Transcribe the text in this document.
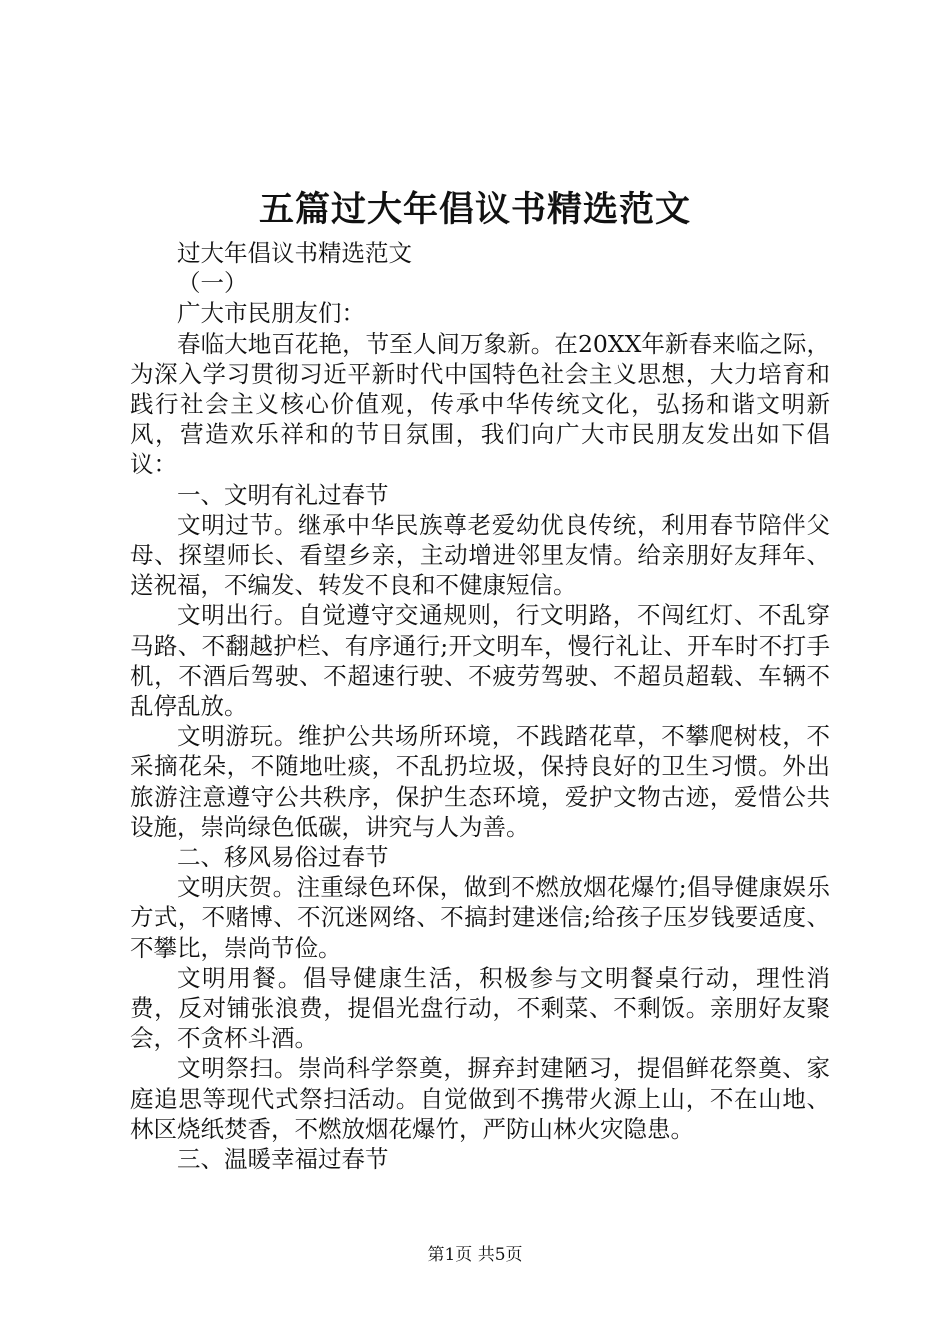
五篇过大年倡议书精选范文

过大年倡议书精选范文

（一）

广大市民朋友们：

春临大地百花艳，节至人间万象新。在20XX年新春来临之际，为深入学习贯彻习近平新时代中国特色社会主义思想，大力培育和践行社会主义核心价值观，传承中华传统文化，弘扬和谐文明新风，营造欢乐祥和的节日氛围，我们向广大市民朋友发出如下倡议：

一、文明有礼过春节

文明过节。继承中华民族尊老爱幼优良传统，利用春节陪伴父母、探望师长、看望乡亲，主动增进邻里友情。给亲朋好友拜年、送祝福，不编发、转发不良和不健康短信。

文明出行。自觉遵守交通规则，行文明路，不闯红灯、不乱穿马路、不翻越护栏、有序通行;开文明车，慢行礼让、开车时不打手机，不酒后驾驶、不超速行驶、不疲劳驾驶、不超员超载、车辆不乱停乱放。

文明游玩。维护公共场所环境，不践踏花草，不攀爬树枝，不采摘花朵，不随地吐痰，不乱扔垃圾，保持良好的卫生习惯。外出旅游注意遵守公共秩序，保护生态环境，爱护文物古迹，爱惜公共设施，崇尚绿色低碳，讲究与人为善。

二、移风易俗过春节

文明庆贺。注重绿色环保，做到不燃放烟花爆竹;倡导健康娱乐方式，不赌博、不沉迷网络、不搞封建迷信;给孩子压岁钱要适度、不攀比，崇尚节俭。

文明用餐。倡导健康生活，积极参与文明餐桌行动，理性消费，反对铺张浪费，提倡光盘行动，不剩菜、不剩饭。亲朋好友聚会，不贪杯斗酒。

文明祭扫。崇尚科学祭奠，摒弃封建陋习，提倡鲜花祭奠、家庭追思等现代式祭扫活动。自觉做到不携带火源上山，不在山地、林区烧纸焚香，不燃放烟花爆竹，严防山林火灾隐患。

三、温暖幸福过春节

第1页 共5页
